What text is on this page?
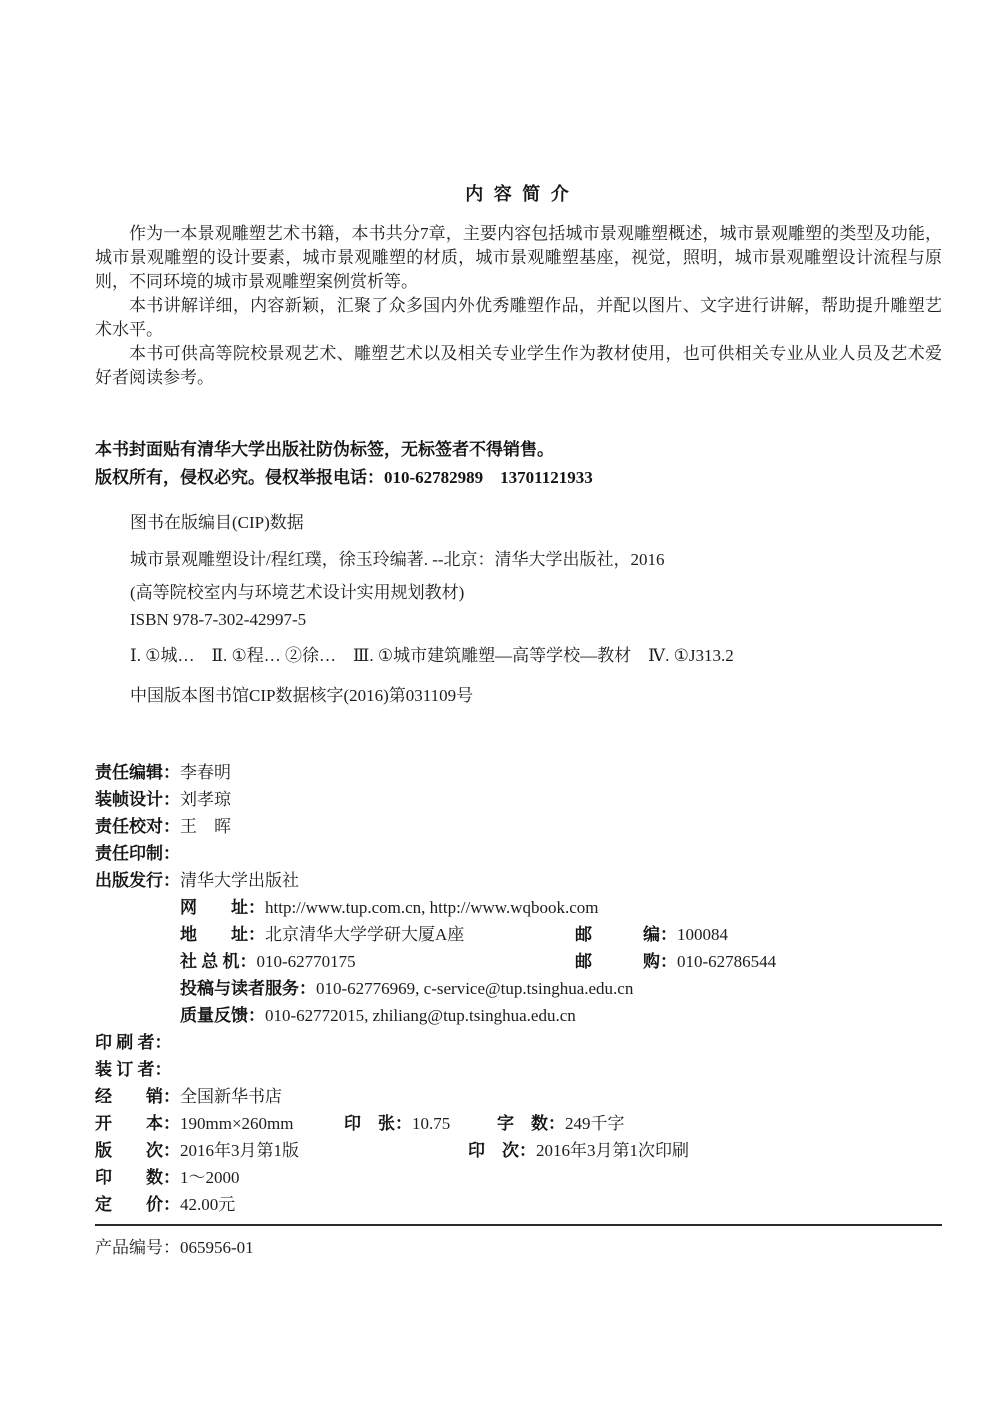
内 容 简 介

作为一本景观雕塑艺术书籍，本书共分7章，主要内容包括城市景观雕塑概述，城市景观雕塑的类型及功能，城市景观雕塑的设计要素，城市景观雕塑的材质，城市景观雕塑基座，视觉，照明，城市景观雕塑设计流程与原则，不同环境的城市景观雕塑案例赏析等。

本书讲解详细，内容新颖，汇聚了众多国内外优秀雕塑作品，并配以图片、文字进行讲解，帮助提升雕塑艺术水平。

本书可供高等院校景观艺术、雕塑艺术以及相关专业学生作为教材使用，也可供相关专业从业人员及艺术爱好者阅读参考。

本书封面贴有清华大学出版社防伪标签，无标签者不得销售。

版权所有，侵权必究。侵权举报电话：010-62782989　13701121933

图书在版编目(CIP)数据

城市景观雕塑设计/程红璞，徐玉玲编著. --北京：清华大学出版社，2016

(高等院校室内与环境艺术设计实用规划教材)

ISBN 978-7-302-42997-5

Ⅰ. ①城…　Ⅱ. ①程… ②徐…　Ⅲ. ①城市建筑雕塑—高等学校—教材　Ⅳ. ①J313.2

中国版本图书馆CIP数据核字(2016)第031109号

责任编辑：李春明
装帧设计：刘孝琼
责任校对：王　晖
责任印制：
出版发行：清华大学出版社
网　　址：http://www.tup.com.cn, http://www.wqbook.com
地　　址：北京清华大学学研大厦A座	邮　　　编：100084
社 总 机：010-62770175	邮　　　购：010-62786544
投稿与读者服务：010-62776969, c-service@tup.tsinghua.edu.cn
质量反馈：010-62772015, zhiliang@tup.tsinghua.edu.cn
印 刷 者：
装 订 者：
经　　销：全国新华书店
开　　本：190mm×260mm	印　张：10.75	字　数：249千字
版　　次：2016年3月第1版	印　次：2016年3月第1次印刷
印　　数：1～2000
定　　价：42.00元

产品编号：065956-01
